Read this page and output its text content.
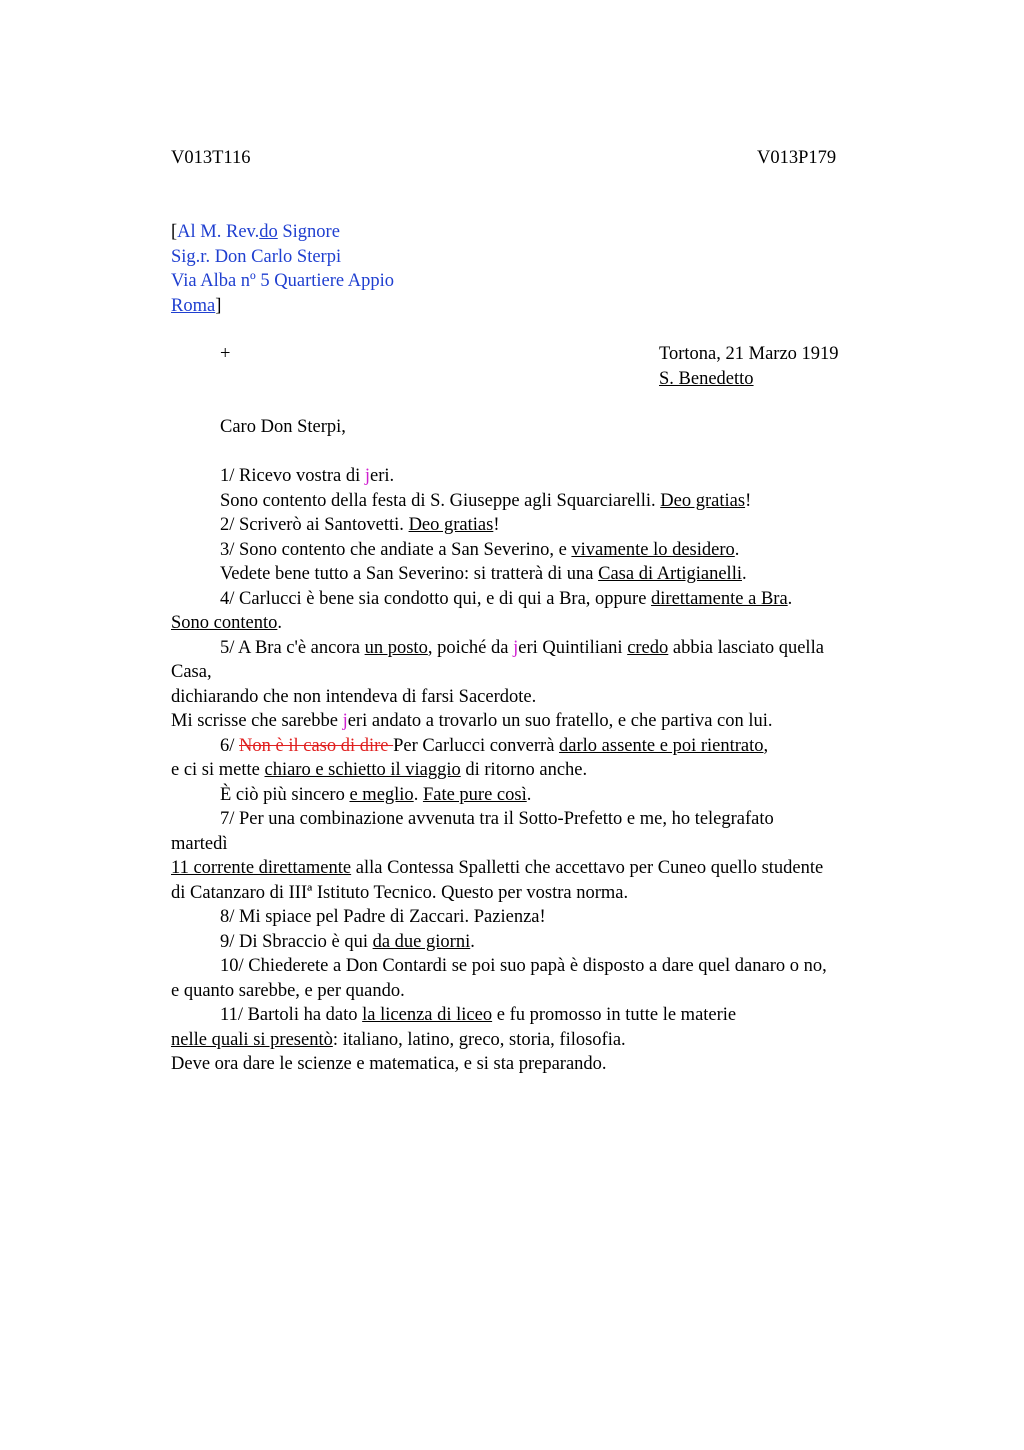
V013T116	V013P179
[Al M. Rev.do Signore
Sig.r. Don Carlo Sterpi
Via Alba nº 5 Quartiere Appio
Roma]
+	Tortona, 21 Marzo 1919
S. Benedetto
Caro Don Sterpi,
1/ Ricevo vostra di jeri.
Sono contento della festa di S. Giuseppe agli Squarciarelli. Deo gratias!
2/ Scriverò ai Santovetti. Deo gratias!
3/ Sono contento che andiate a San Severino, e vivamente lo desidero.
Vedete bene tutto a San Severino: si tratterà di una Casa di Artigianelli.
4/ Carlucci è bene sia condotto qui, e di qui a Bra, oppure direttamente a Bra.
Sono contento.
5/ A Bra c'è ancora un posto, poiché da jeri Quintiliani credo abbia lasciato quella
Casa,
dichiarando che non intendeva di farsi Sacerdote.
Mi scrisse che sarebbe jeri andato a trovarlo un suo fratello, e che partiva con lui.
6/ Non è il caso di dire Per Carlucci converrà darlo assente e poi rientrato,
e ci si mette chiaro e schietto il viaggio di ritorno anche.
È ciò più sincero e meglio. Fate pure così.
7/ Per una combinazione avvenuta tra il Sotto-Prefetto e me, ho telegrafato
martedì
11 corrente direttamente alla Contessa Spalletti che accettavo per Cuneo quello studente
di Catanzaro di IIIª Istituto Tecnico. Questo per vostra norma.
8/ Mi spiace pel Padre di Zaccari. Pazienza!
9/ Di Sbraccio è qui da due giorni.
10/ Chiederete a Don Contardi se poi suo papà è disposto a dare quel danaro o no,
e quanto sarebbe, e per quando.
11/ Bartoli ha dato la licenza di liceo e fu promosso in tutte le materie
nelle quali si presentò: italiano, latino, greco, storia, filosofia.
Deve ora dare le scienze e matematica, e si sta preparando.
